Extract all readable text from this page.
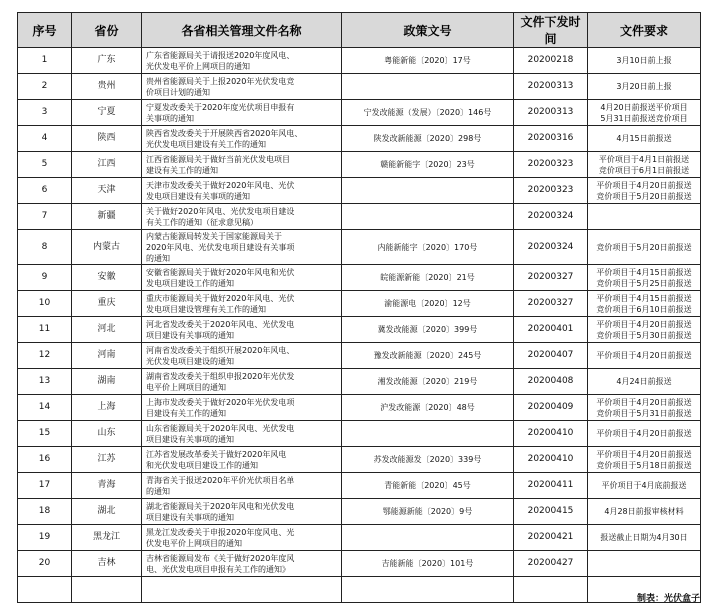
序号	省份	各省相关管理文件名称	政策文号	文件下发时间	文件要求
1	广东	广东省能源局关于请报送2020年度风电、
光伏发电平价上网项目的通知	粤能新能〔2020〕17号	20200218	3月10日前上报

2	贵州	贵州省能源局关于上报2020年光伏发电竞
价项目计划的通知		20200313	3月20日前上报

3	宁夏	宁夏发改委关于2020年度光伏项目申报有
关事项的通知	宁发改能源（发展）〔2020〕146号	20200313	4月20日前报送平价项目
5月31日前报送竞价项目
4	陕西	陕西省发改委关于开展陕西省2020年风电、
光伏发电项目建设有关工作的通知	陕发改新能源〔2020〕298号	20200316	4月15日前报送

5	江西	江西省能源局关于做好当前光伏发电项目
建设有关工作的通知	赣能新能字〔2020〕23号	20200323	平价项目于4月1日前报送
竞价项目于6月1日前报送
6	天津	天津市发改委关于做好2020年风电、光伏
发电项目建设有关事项的通知		20200323	平价项目于4月20日前报送
竞价项目于5月20日前报送
7	新疆	关于做好2020年风电、光伏发电项目建设
有关工作的通知（征求意见稿）		20200324	

8	内蒙古	内蒙古能源局转发关于国家能源局关于
2020年风电、光伏发电项目建设有关事项
的通知	内能新能字〔2020〕170号	20200324	竞价项目于5月20日前报送

9	安徽	安徽省能源局关于做好2020年风电和光伏
发电项目建设工作的通知	皖能源新能〔2020〕21号	20200327	平价项目于4月15日前报送
竞价项目于5月25日前报送
10	重庆	重庆市能源局关于做好2020年风电、光伏
发电项目建设管理有关工作的通知	渝能源电〔2020〕12号	20200327	平价项目于4月15日前报送
竞价项目于6月10日前报送
11	河北	河北省发改委关于2020年风电、光伏发电
项目建设有关事项的通知	冀发改能源〔2020〕399号	20200401	平价项目于4月20日前报送
竞价项目于5月30日前报送
12	河南	河南省发改委关于组织开展2020年风电、
光伏发电项目建设的通知	豫发改新能源〔2020〕245号	20200407	平价项目于4月20日前报送

13	湖南	湖南省发改委关于组织申报2020年光伏发
电平价上网项目的通知	湘发改能源〔2020〕219号	20200408	4月24日前报送

14	上海	上海市发改委关于做好2020年光伏发电项
目建设有关工作的通知	沪发改能源〔2020〕48号	20200409	平价项目于4月20日前报送
竞价项目于5月31日前报送
15	山东	山东省能源局关于2020年风电、光伏发电
项目建设有关事项的通知		20200410	平价项目于4月20日前报送

16	江苏	江苏省发展改革委关于做好2020年风电
和光伏发电项目建设工作的通知	苏发改能源发〔2020〕339号	20200410	平价项目于4月20日前报送
竞价项目于5月18日前报送
17	青海	青海省关于报送2020年平价光伏项目名单
的通知	青能新能〔2020〕45号	20200411	平价项目于4月底前报送

18	湖北	湖北省能源局关于2020年风电和光伏发电
项目建设有关事项的通知	鄂能源新能〔2020〕9号	20200415	4月28日前报审核材料

19	黑龙江	黑龙江发改委关于申报2020年度风电、光
伏发电平价上网项目的通知		20200421	报送截止日期为4月30日

20	吉林	吉林省能源局发布《关于做好2020年度风
电、光伏发电项目申报有关工作的通知》	吉能新能〔2020〕101号	20200427	

制表：光伏盒子
